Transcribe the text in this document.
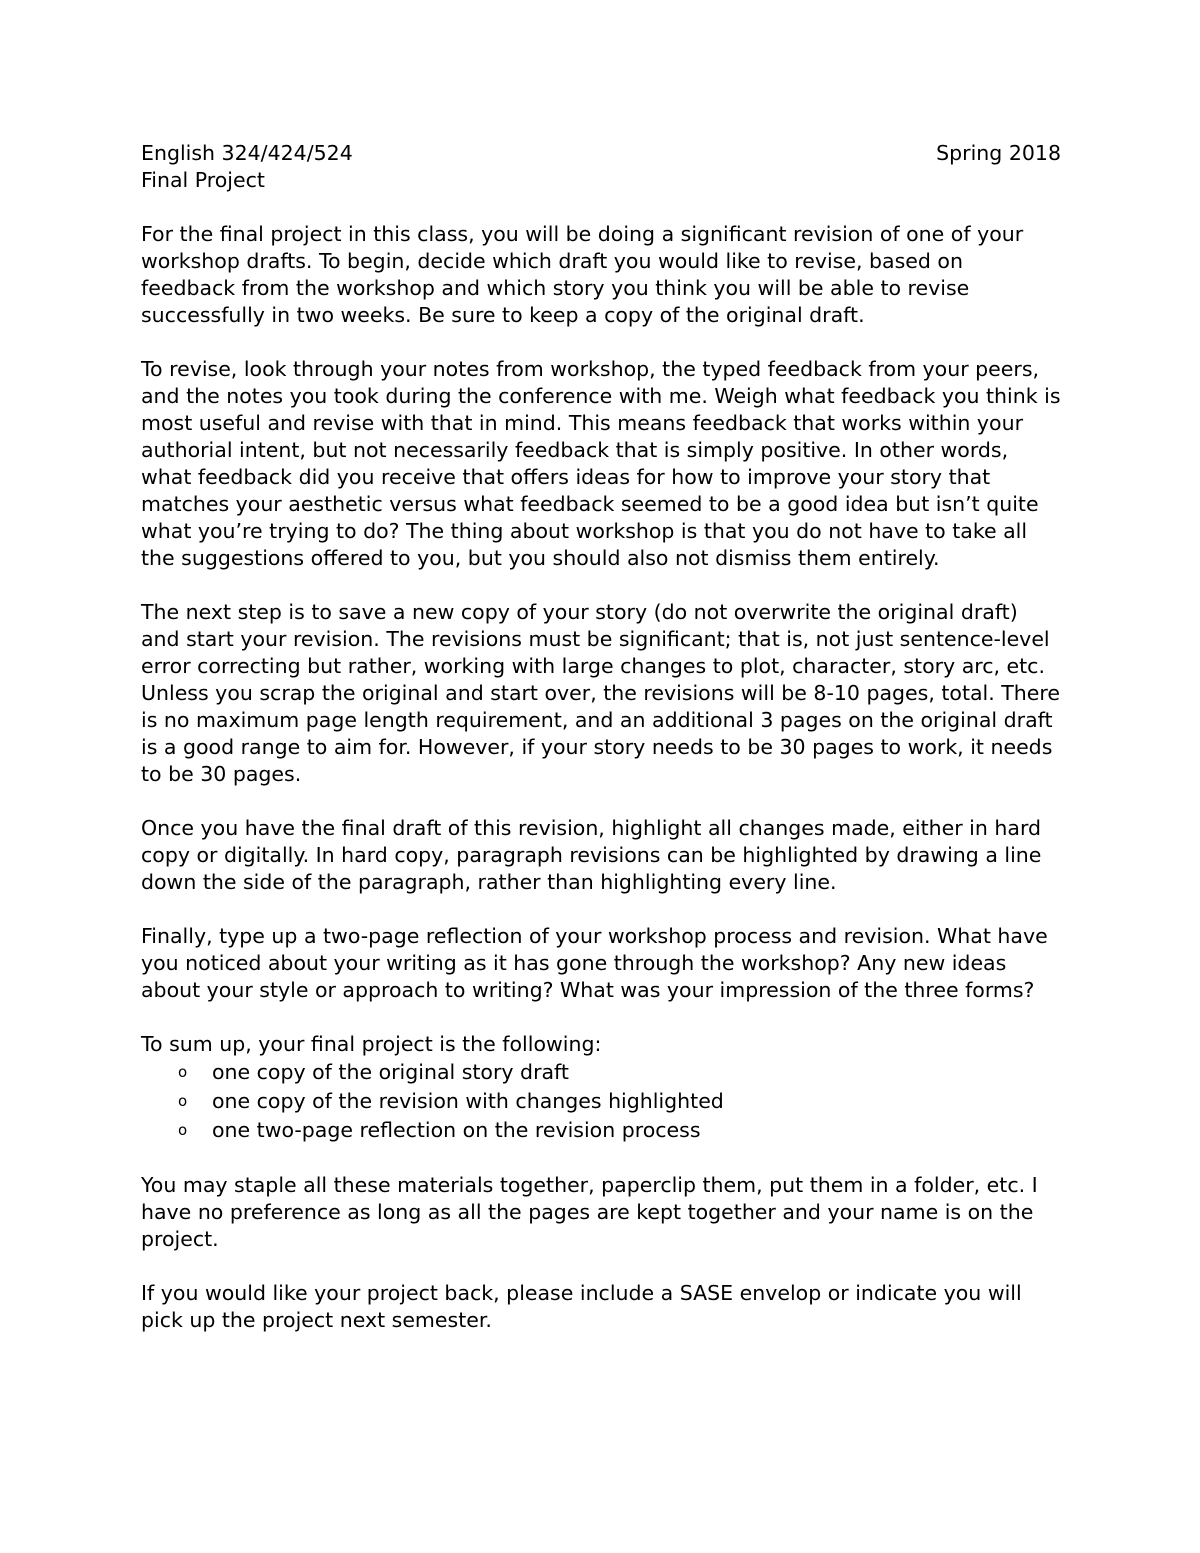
English 324/424/524	Spring 2018
Final Project

For the final project in this class, you will be doing a significant revision of one of your workshop drafts. To begin, decide which draft you would like to revise, based on feedback from the workshop and which story you think you will be able to revise successfully in two weeks. Be sure to keep a copy of the original draft.

To revise, look through your notes from workshop, the typed feedback from your peers, and the notes you took during the conference with me. Weigh what feedback you think is most useful and revise with that in mind. This means feedback that works within your authorial intent, but not necessarily feedback that is simply positive. In other words, what feedback did you receive that offers ideas for how to improve your story that matches your aesthetic versus what feedback seemed to be a good idea but isn’t quite what you’re trying to do? The thing about workshop is that you do not have to take all the suggestions offered to you, but you should also not dismiss them entirely.

The next step is to save a new copy of your story (do not overwrite the original draft) and start your revision. The revisions must be significant; that is, not just sentence-level error correcting but rather, working with large changes to plot, character, story arc, etc. Unless you scrap the original and start over, the revisions will be 8-10 pages, total. There is no maximum page length requirement, and an additional 3 pages on the original draft is a good range to aim for. However, if your story needs to be 30 pages to work, it needs to be 30 pages.

Once you have the final draft of this revision, highlight all changes made, either in hard copy or digitally. In hard copy, paragraph revisions can be highlighted by drawing a line down the side of the paragraph, rather than highlighting every line.

Finally, type up a two-page reflection of your workshop process and revision. What have you noticed about your writing as it has gone through the workshop? Any new ideas about your style or approach to writing? What was your impression of the three forms?

To sum up, your final project is the following:

o one copy of the original story draft
o one copy of the revision with changes highlighted
o one two-page reflection on the revision process

You may staple all these materials together, paperclip them, put them in a folder, etc. I have no preference as long as all the pages are kept together and your name is on the project.

If you would like your project back, please include a SASE envelop or indicate you will pick up the project next semester.
